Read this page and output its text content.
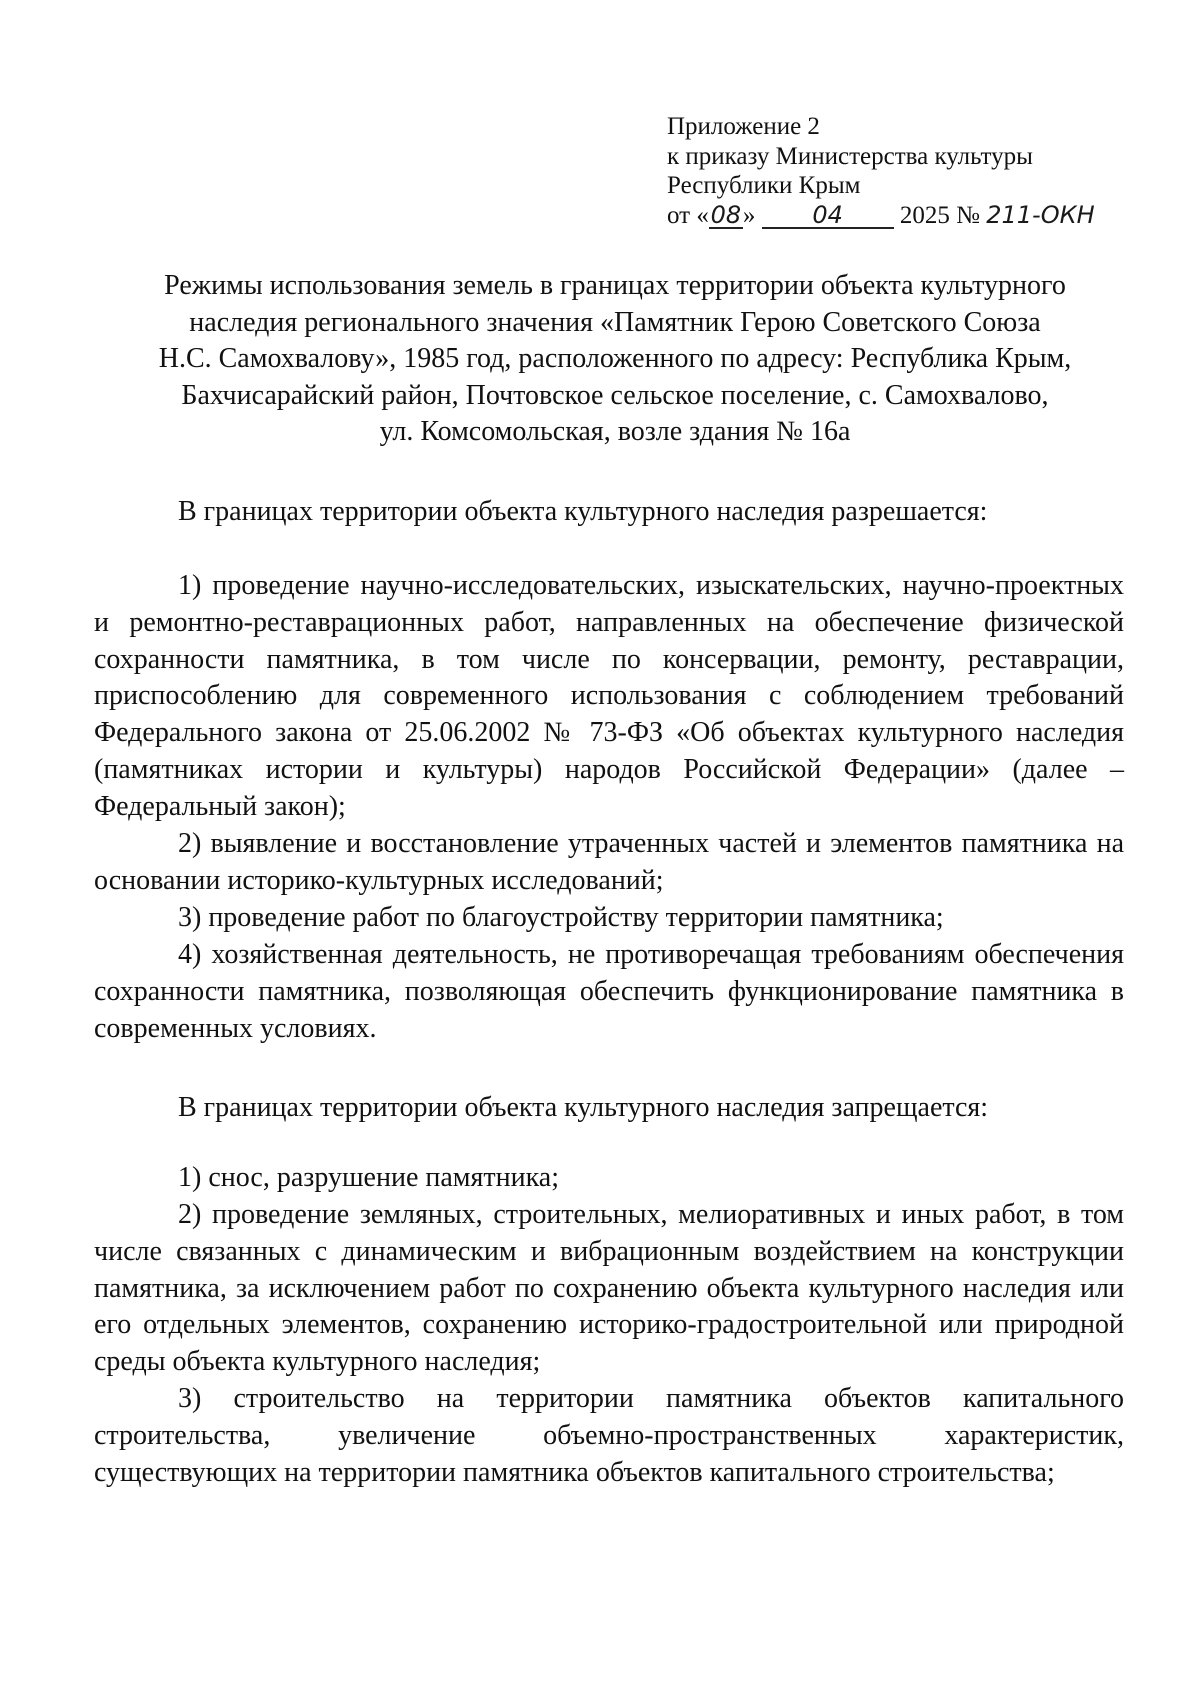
Приложение 2
к приказу Министерства культуры
Республики Крым
от «08» 04 2025 № 211-ОКН
Режимы использования земель в границах территории объекта культурного
наследия регионального значения «Памятник Герою Советского Союза
Н.С. Самохвалову», 1985 год, расположенного по адресу: Республика Крым,
Бахчисарайский район, Почтовское сельское поселение, с. Самохвалово,
ул. Комсомольская, возле здания № 16а
В границах территории объекта культурного наследия разрешается:
1) проведение научно-исследовательских, изыскательских, научно-проектных и ремонтно-реставрационных работ, направленных на обеспечение физической сохранности памятника, в том числе по консервации, ремонту, реставрации, приспособлению для современного использования с соблюдением требований Федерального закона от 25.06.2002 № 73-ФЗ «Об объектах культурного наследия (памятниках истории и культуры) народов Российской Федерации» (далее – Федеральный закон);
2) выявление и восстановление утраченных частей и элементов памятника на основании историко-культурных исследований;
3) проведение работ по благоустройству территории памятника;
4) хозяйственная деятельность, не противоречащая требованиям обеспечения сохранности памятника, позволяющая обеспечить функционирование памятника в современных условиях.
В границах территории объекта культурного наследия запрещается:
1) снос, разрушение памятника;
2) проведение земляных, строительных, мелиоративных и иных работ, в том числе связанных с динамическим и вибрационным воздействием на конструкции памятника, за исключением работ по сохранению объекта культурного наследия или его отдельных элементов, сохранению историко-градостроительной или природной среды объекта культурного наследия;
3) строительство на территории памятника объектов капитального строительства, увеличение объемно-пространственных характеристик, существующих на территории памятника объектов капитального строительства;
